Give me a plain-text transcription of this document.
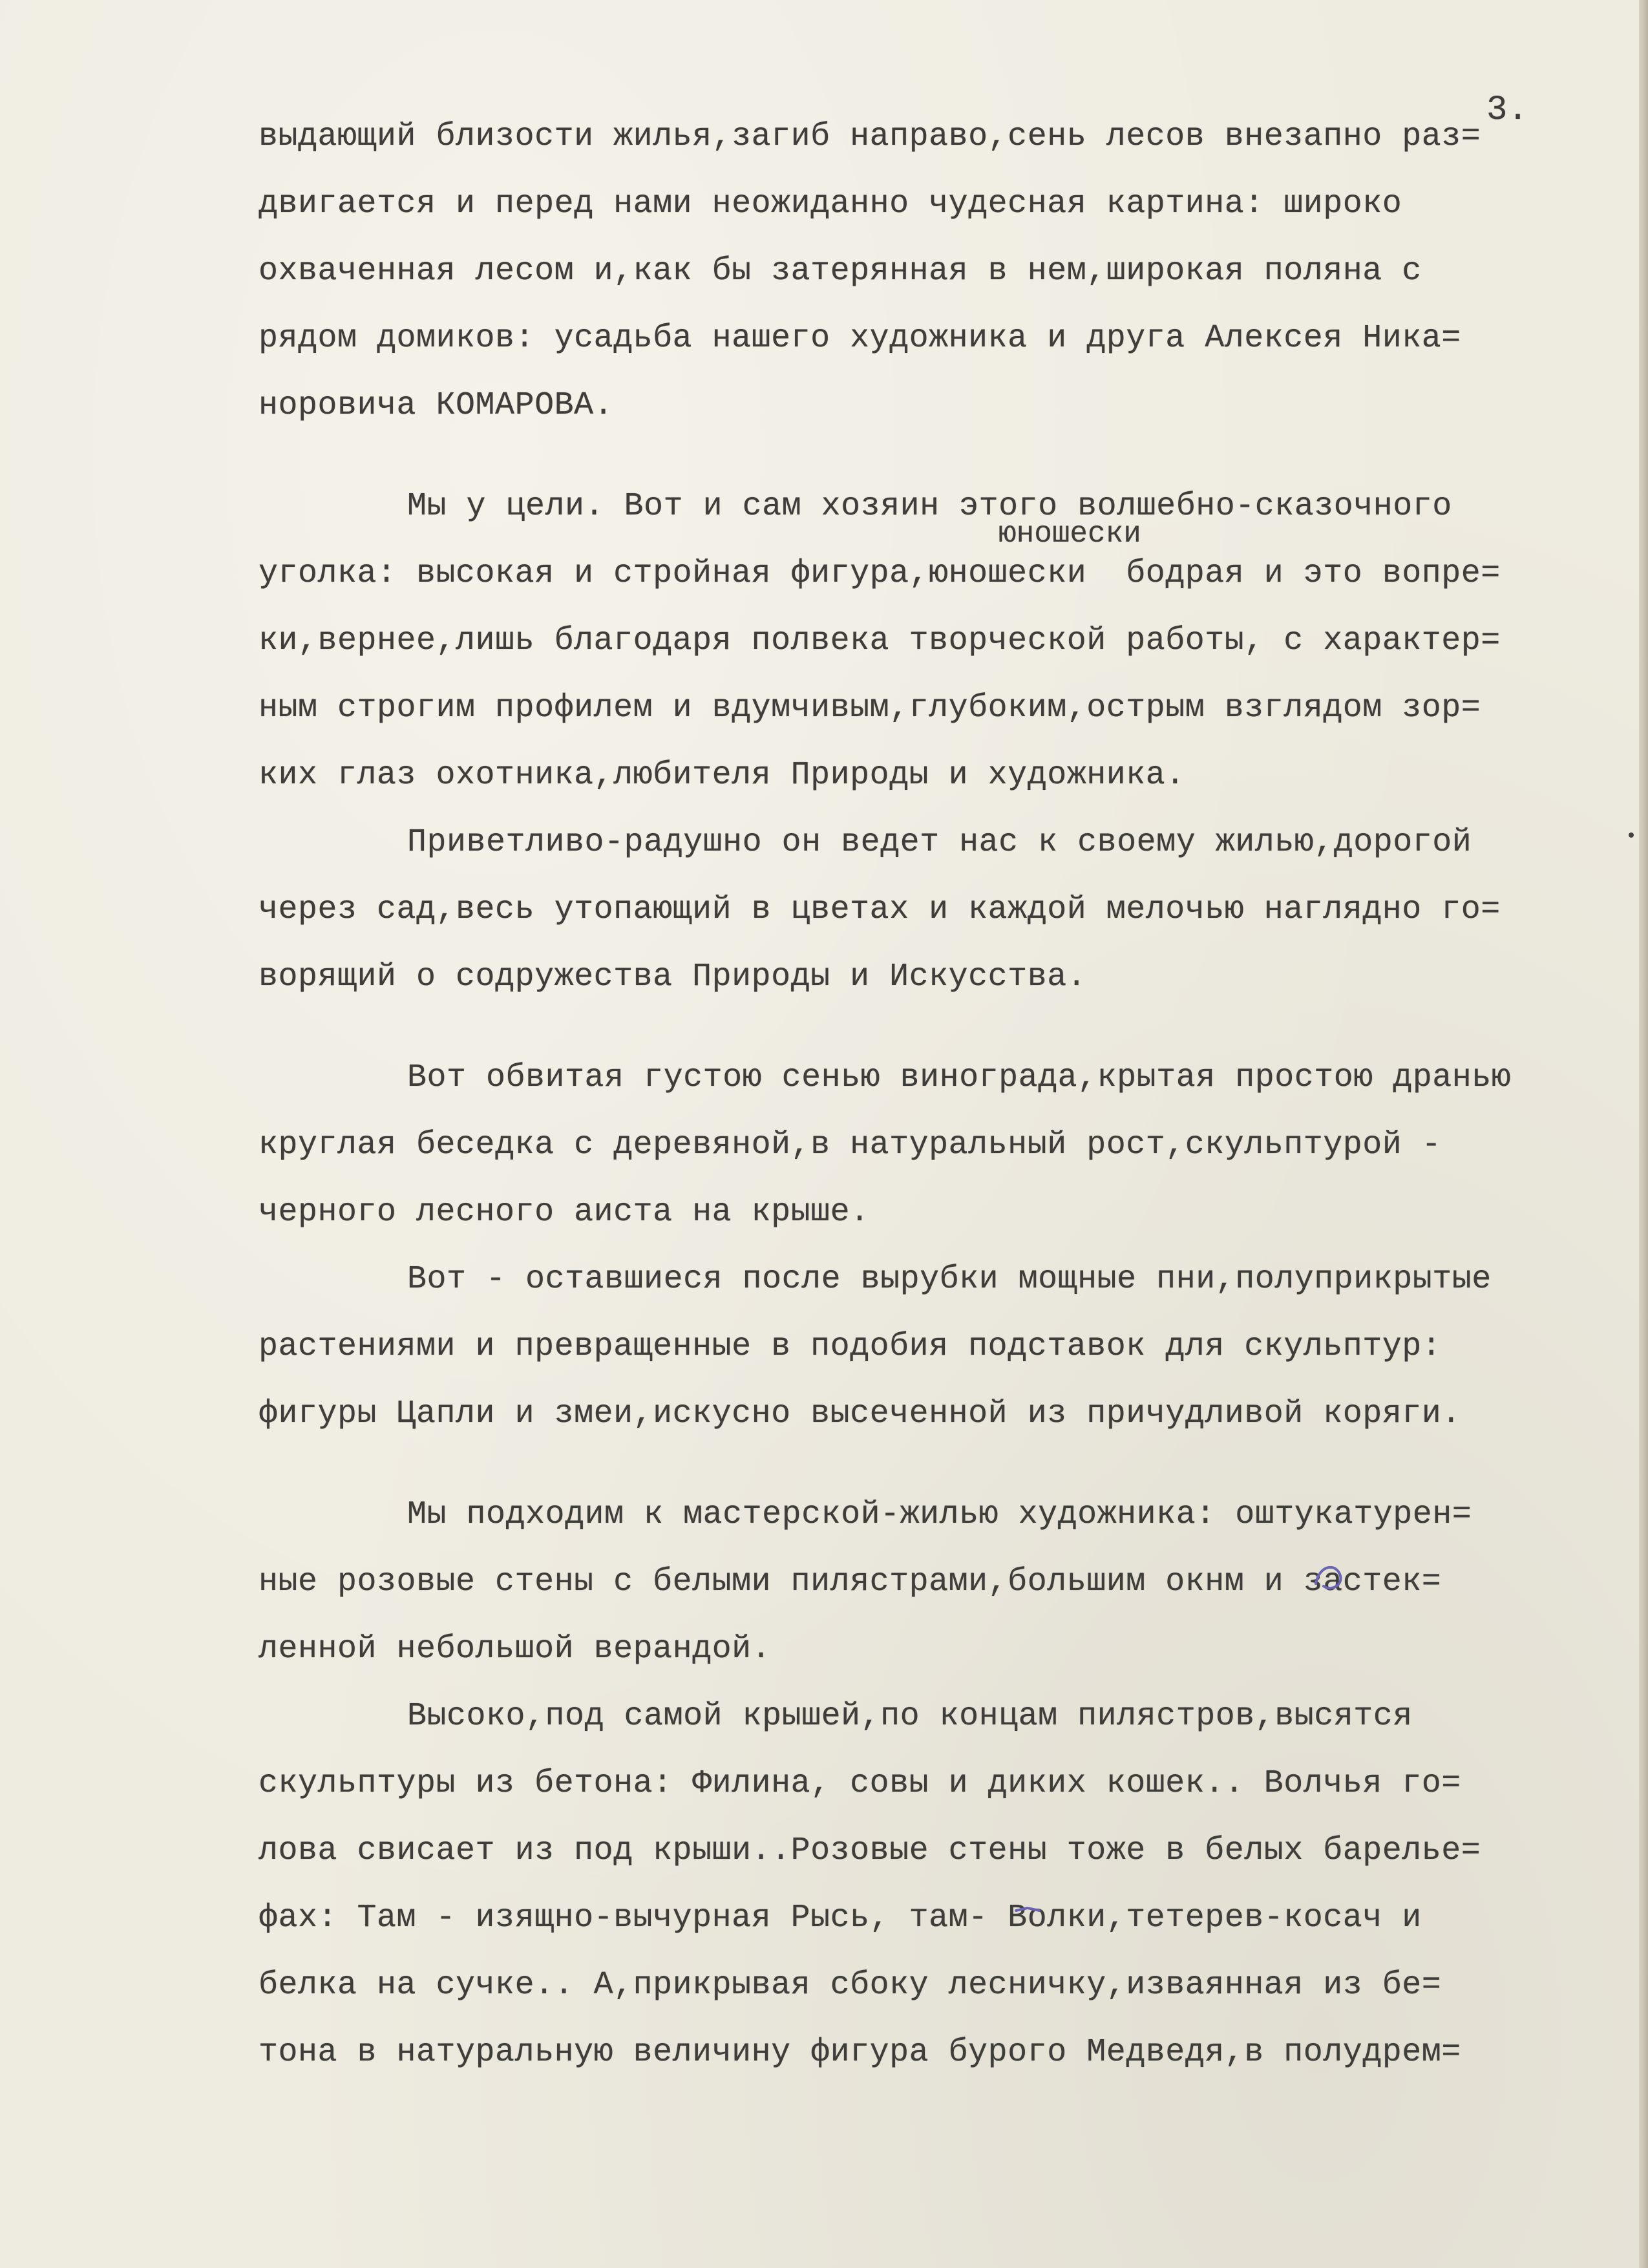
3.
юношески
выдающий близости жилья,загиб направо,сень лесов внезапно раз=
двигается и перед нами неожиданно чудесная картина: широко
охваченная лесом и,как бы затерянная в нем,широкая поляна с
рядом домиков: усадьба нашего художника и друга Алексея Ника=
норовича КОМАРОВА.
Мы у цели. Вот и сам хозяин этого волшебно-сказочного
уголка: высокая и стройная фигура,юношески  бодрая и это вопре=
ки,вернее,лишь благодаря полвека творческой работы, с характер=
ным строгим профилем и вдумчивым,глубоким,острым взглядом зор=
ких глаз охотника,любителя Природы и художника.
Приветливо-радушно он ведет нас к своему жилью,дорогой
через сад,весь утопающий в цветах и каждой мелочью наглядно го=
ворящий о содружества Природы и Искусства.
Вот обвитая густою сенью винограда,крытая простою дранью
круглая беседка с деревяной,в натуральный рост,скульптурой -
черного лесного аиста на крыше.
Вот - оставшиеся после вырубки мощные пни,полуприкрытые
растениями и превращенные в подобия подставок для скульптур:
фигуры Цапли и змеи,искусно высеченной из причудливой коряги.
Мы подходим к мастерской-жилью художника: оштукатурен=
ные розовые стены с белыми пилястрами,большим окнм и застек=
ленной небольшой верандой.
Высоко,под самой крышей,по концам пилястров,высятся
скульптуры из бетона: Филина, совы и диких кошек.. Волчья го=
лова свисает из под крыши..Розовые стены тоже в белых барелье=
фах: Там - изящно-вычурная Рысь, там- Волки,тетерев-косач и
белка на сучке.. А,прикрывая сбоку лесничку,изваянная из бе=
тона в натуральную величину фигура бурого Медведя,в полудрем=
